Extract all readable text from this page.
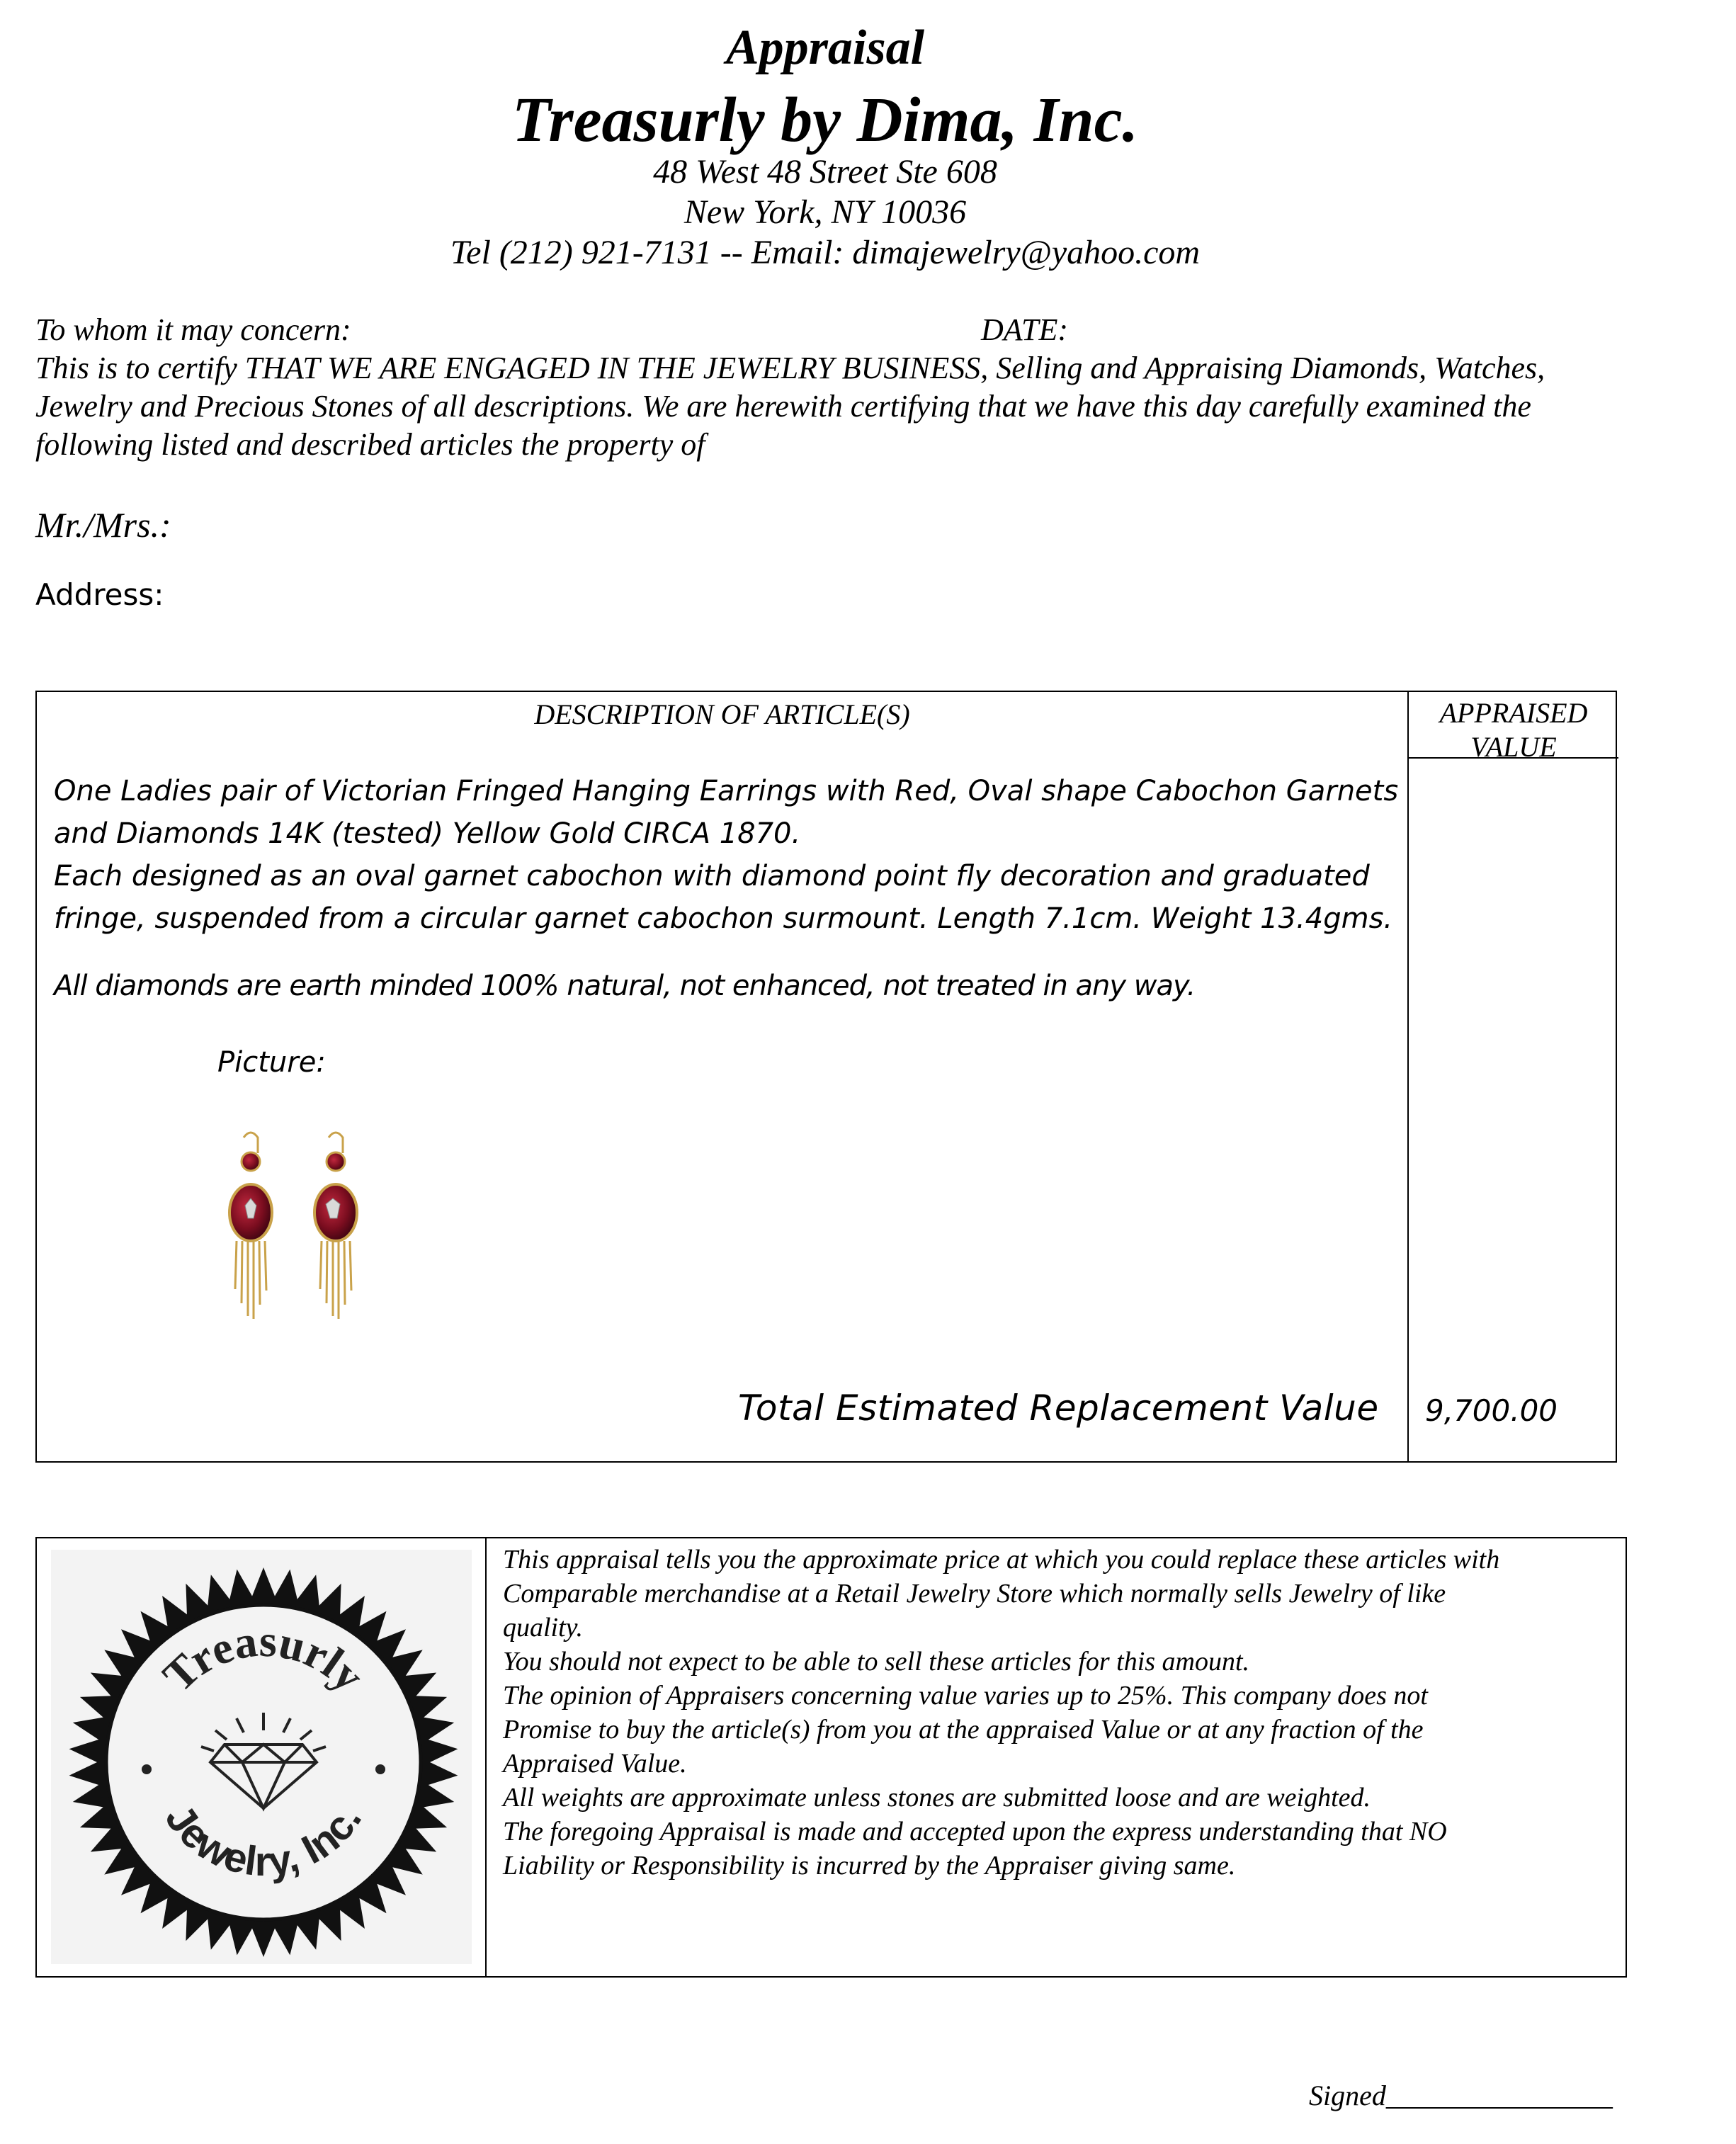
Appraisal
Treasurly by Dima, Inc.
48 West 48 Street Ste 608
New York, NY 10036
Tel (212) 921-7131 -- Email: dimajewelry@yahoo.com
To whom it may concern:	DATE:
This is to certify THAT WE ARE ENGAGED IN THE JEWELRY BUSINESS, Selling and Appraising Diamonds, Watches,
Jewelry and Precious Stones of all descriptions. We are herewith certifying that we have this day carefully examined the
following listed and described articles the property of
Mr./Mrs.:
Address:
DESCRIPTION OF ARTICLE(S)	APPRAISED
VALUE
One Ladies pair of Victorian Fringed Hanging Earrings with Red, Oval shape Cabochon Garnets
and Diamonds 14K (tested) Yellow Gold CIRCA 1870.
Each designed as an oval garnet cabochon with diamond point fly decoration and graduated
fringe, suspended from a circular garnet cabochon surmount. Length 7.1cm. Weight 13.4gms.
All diamonds are earth minded 100% natural, not enhanced, not treated in any way.
Picture:
Total Estimated Replacement Value 9,700.00
Treasurly
Jewelry, Inc.
This appraisal tells you the approximate price at which you could replace these articles with
Comparable merchandise at a Retail Jewelry Store which normally sells Jewelry of like
quality.
You should not expect to be able to sell these articles for this amount.
The opinion of Appraisers concerning value varies up to 25%. This company does not
Promise to buy the article(s) from you at the appraised Value or at any fraction of the
Appraised Value.
All weights are approximate unless stones are submitted loose and are weighted.
The foregoing Appraisal is made and accepted upon the express understanding that NO
Liability or Responsibility is incurred by the Appraiser giving same.
Signed________________
